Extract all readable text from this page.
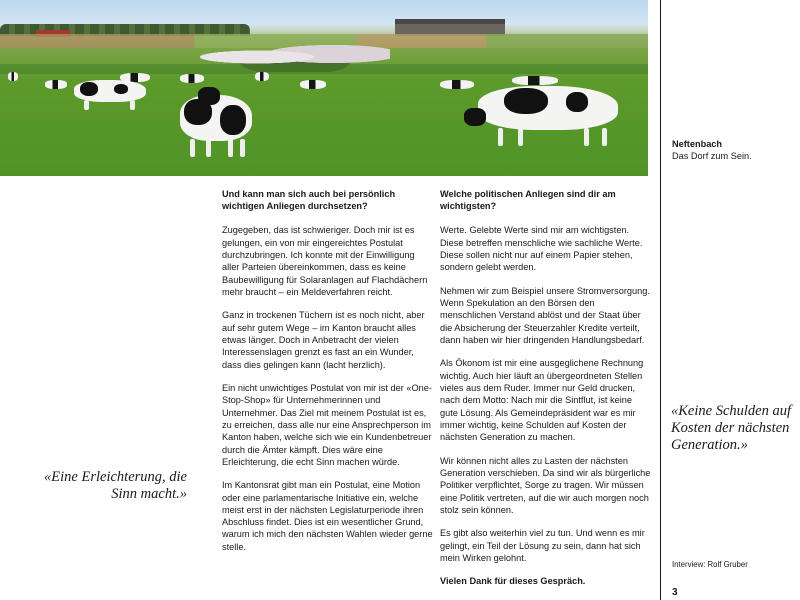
Und kann man sich auch bei persönlich wichtigen Anliegen durchsetzen?

Zugegeben, das ist schwieriger. Doch mir ist es gelungen, ein von mir eingereichtes Postulat durchzubringen. Ich konnte mit der Einwilligung aller Parteien übereinkommen, dass es keine Baubewilligung für Solaranlagen auf Flachdächern mehr braucht – ein Meldeverfahren reicht.

Ganz in trockenen Tüchern ist es noch nicht, aber auf sehr gutem Wege – im Kanton braucht alles etwas länger. Doch in Anbetracht der vielen Interessenslagen grenzt es fast an ein Wunder, dass dies gelingen kann (lacht herzlich).

Ein nicht unwichtiges Postulat von mir ist der «One-Stop-Shop» für Unternehmerinnen und Unternehmer. Das Ziel mit meinem Postulat ist es, zu erreichen, dass alle nur eine Ansprechperson im Kanton haben, welche sich wie ein Kundenbetreuer durch die Ämter kämpft. Dies wäre eine Erleichterung, die echt Sinn machen würde.

Im Kantonsrat gibt man ein Postulat, eine Motion oder eine parlamentarische Initiative ein, welche meist erst in der nächsten Legislaturperiode ihren Abschluss findet. Dies ist ein wesentlicher Grund, warum ich mich den nächsten Wahlen wieder gerne stelle.

Welche politischen Anliegen sind dir am wichtigsten?

Werte. Gelebte Werte sind mir am wichtigsten. Diese betreffen menschliche wie sachliche Werte. Diese sollen nicht nur auf einem Papier stehen, sondern gelebt werden.

Nehmen wir zum Beispiel unsere Stromversorgung. Wenn Spekulation an den Börsen den menschlichen Verstand ablöst und der Staat über die Absicherung der Steuerzahler Kredite verteilt, dann haben wir hier dringenden Handlungsbedarf.

Als Ökonom ist mir eine ausgeglichene Rechnung wichtig. Auch hier läuft an übergeordneten Stellen vieles aus dem Ruder. Immer nur Geld drucken, nach dem Motto: Nach mir die Sintflut, ist keine gute Lösung. Als Gemeindepräsident war es mir immer wichtig, keine Schulden auf Kosten der nächsten Generation zu machen.

Wir können nicht alles zu Lasten der nächsten Generation verschieben. Da sind wir als bürgerliche Politiker verpflichtet, Sorge zu tragen. Wir müssen eine Politik vertreten, auf die wir auch morgen noch stolz sein können.

Es gibt also weiterhin viel zu tun. Und wenn es mir gelingt, ein Teil der Lösung zu sein, dann hat sich mein Wirken gelohnt.

Vielen Dank für dieses Gespräch.

Neftenbach
Das Dorf zum Sein.
«Eine Erleichterung, die Sinn macht.»
«Keine Schulden auf Kosten der nächsten Generation.»
Interview: Rolf Gruber
3
